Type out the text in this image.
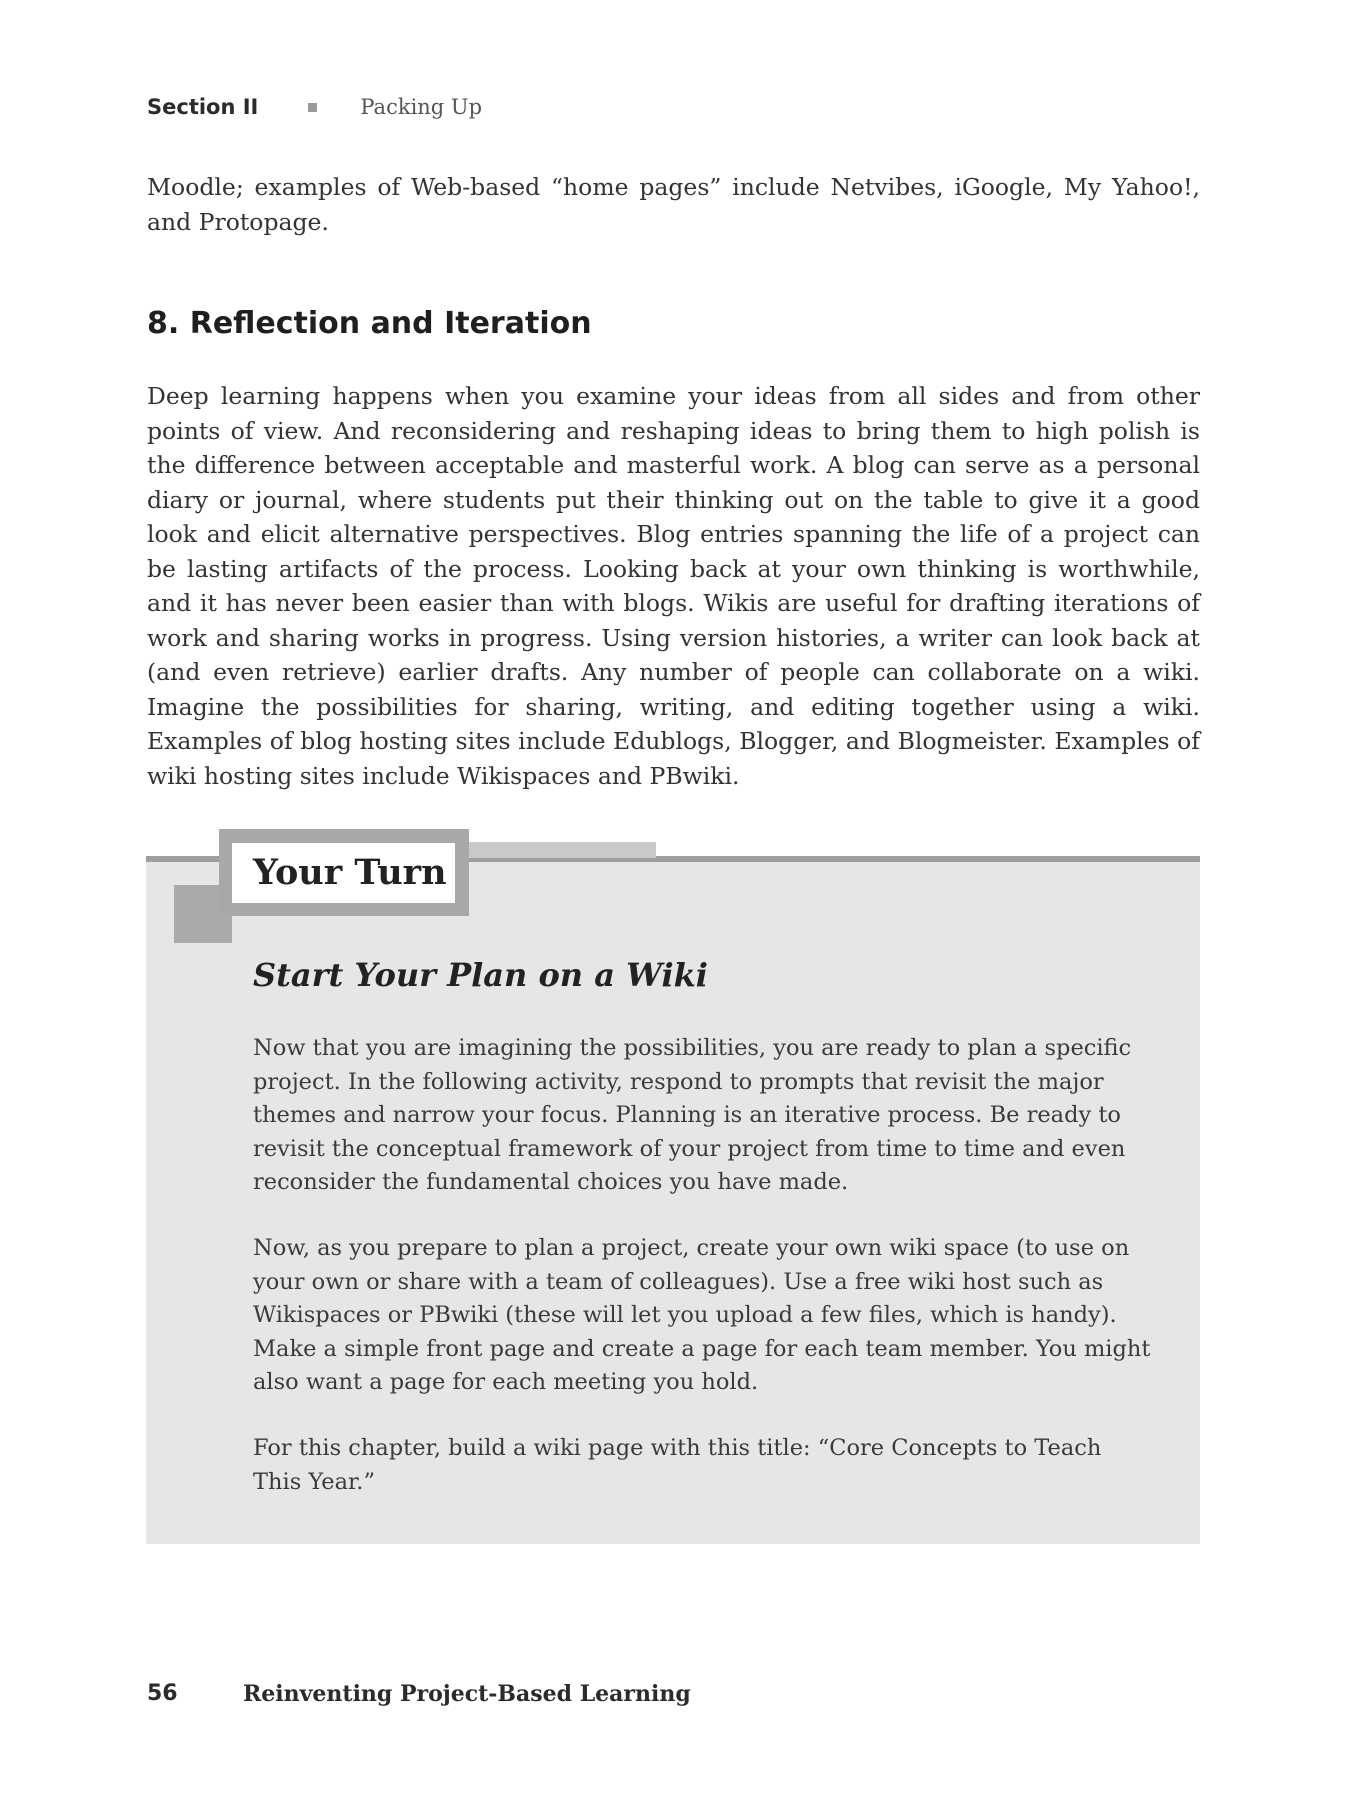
Section II	Packing Up

Moodle; examples of Web-based “home pages” include Netvibes, iGoogle, My Yahoo!, and Protopage.

8. Reflection and Iteration

Deep learning happens when you examine your ideas from all sides and from other points of view. And reconsidering and reshaping ideas to bring them to high polish is the difference between acceptable and masterful work. A blog can serve as a personal diary or journal, where students put their thinking out on the table to give it a good look and elicit alternative perspectives. Blog entries spanning the life of a project can be lasting artifacts of the process. Looking back at your own thinking is worthwhile, and it has never been easier than with blogs. Wikis are useful for drafting iterations of work and sharing works in progress. Using version histories, a writer can look back at (and even retrieve) earlier drafts. Any number of people can collaborate on a wiki. Imagine the possibilities for sharing, writing, and editing together using a wiki. Examples of blog hosting sites include Edublogs, Blogger, and Blogmeister. Examples of wiki hosting sites include Wikispaces and PBwiki.

Your Turn
Start Your Plan on a Wiki

Now that you are imagining the possibilities, you are ready to plan a specific project. In the following activity, respond to prompts that revisit the major themes and narrow your focus. Planning is an iterative process. Be ready to revisit the conceptual framework of your project from time to time and even reconsider the fundamental choices you have made.

Now, as you prepare to plan a project, create your own wiki space (to use on your own or share with a team of colleagues). Use a free wiki host such as Wikispaces or PBwiki (these will let you upload a few files, which is handy). Make a simple front page and create a page for each team member. You might also want a page for each meeting you hold.

For this chapter, build a wiki page with this title: “Core Concepts to Teach This Year.”

56	Reinventing Project-Based Learning
